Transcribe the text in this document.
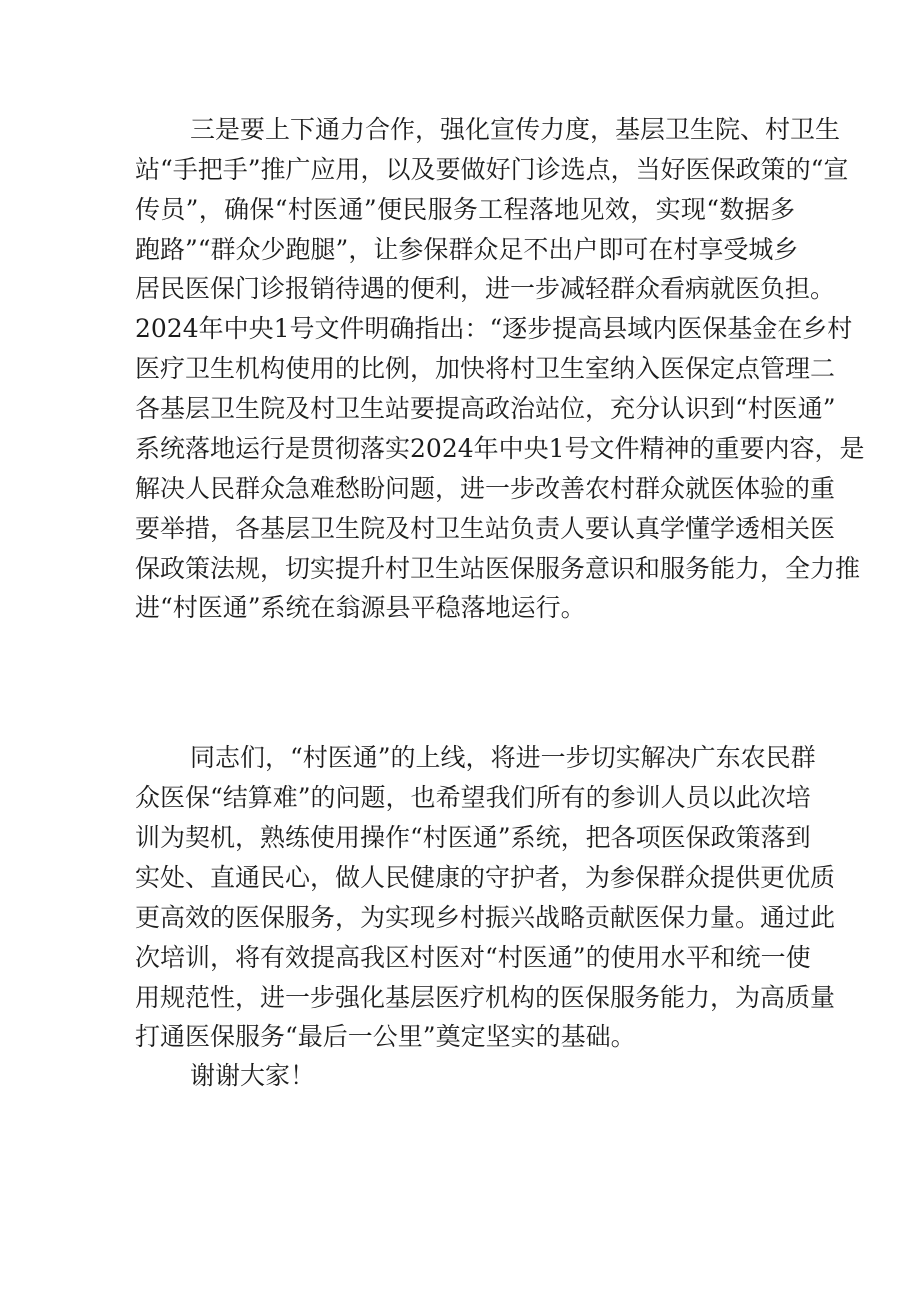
三是要上下通力合作，强化宣传力度，基层卫生院、村卫生
站“手把手”推广应用，以及要做好门诊选点，当好医保政策的“宣
传员”，确保“村医通”便民服务工程落地见效，实现“数据多
跑路”“群众少跑腿”，让参保群众足不出户即可在村享受城乡
居民医保门诊报销待遇的便利，进一步减轻群众看病就医负担。
2024年中央1号文件明确指出：“逐步提高县域内医保基金在乡村
医疗卫生机构使用的比例，加快将村卫生室纳入医保定点管理二
各基层卫生院及村卫生站要提高政治站位，充分认识到“村医通”
系统落地运行是贯彻落实2024年中央1号文件精神的重要内容，是
解决人民群众急难愁盼问题，进一步改善农村群众就医体验的重
要举措，各基层卫生院及村卫生站负责人要认真学懂学透相关医
保政策法规，切实提升村卫生站医保服务意识和服务能力，全力推
进“村医通”系统在翁源县平稳落地运行。
同志们，“村医通”的上线，将进一步切实解决广东农民群
众医保“结算难”的问题，也希望我们所有的参训人员以此次培
训为契机，熟练使用操作“村医通”系统，把各项医保政策落到
实处、直通民心，做人民健康的守护者，为参保群众提供更优质
更高效的医保服务，为实现乡村振兴战略贡献医保力量。通过此
次培训，将有效提高我区村医对“村医通”的使用水平和统一使
用规范性，进一步强化基层医疗机构的医保服务能力，为高质量
打通医保服务“最后一公里”奠定坚实的基础。
谢谢大家！
